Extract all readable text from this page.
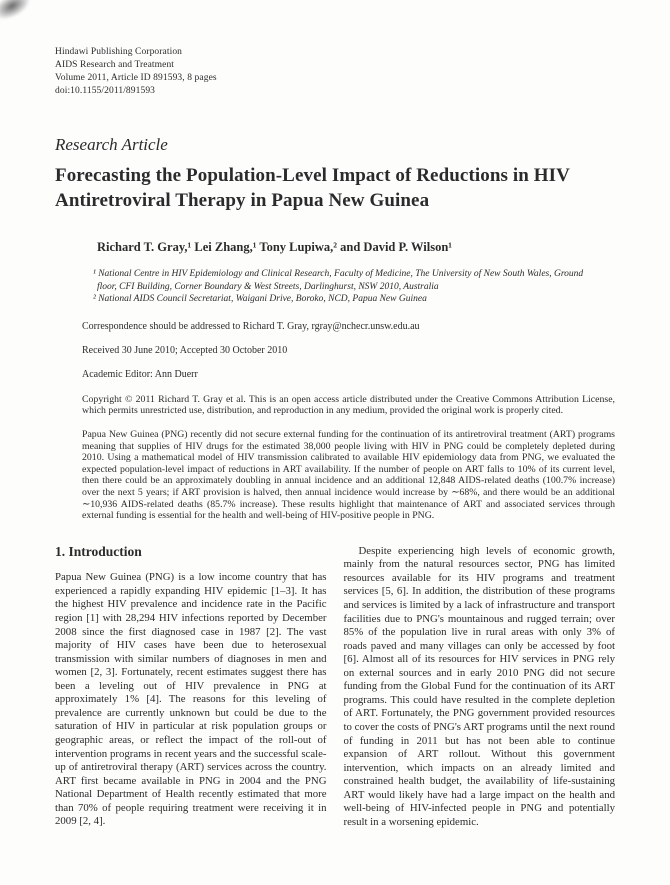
Hindawi Publishing Corporation
AIDS Research and Treatment
Volume 2011, Article ID 891593, 8 pages
doi:10.1155/2011/891593
Research Article
Forecasting the Population-Level Impact of Reductions in HIV Antiretroviral Therapy in Papua New Guinea
Richard T. Gray,¹ Lei Zhang,¹ Tony Lupiwa,² and David P. Wilson¹
¹ National Centre in HIV Epidemiology and Clinical Research, Faculty of Medicine, The University of New South Wales, Ground floor, CFI Building, Corner Boundary & West Streets, Darlinghurst, NSW 2010, Australia
² National AIDS Council Secretariat, Waigani Drive, Boroko, NCD, Papua New Guinea
Correspondence should be addressed to Richard T. Gray, rgray@nchecr.unsw.edu.au
Received 30 June 2010; Accepted 30 October 2010
Academic Editor: Ann Duerr
Copyright © 2011 Richard T. Gray et al. This is an open access article distributed under the Creative Commons Attribution License, which permits unrestricted use, distribution, and reproduction in any medium, provided the original work is properly cited.
Papua New Guinea (PNG) recently did not secure external funding for the continuation of its antiretroviral treatment (ART) programs meaning that supplies of HIV drugs for the estimated 38,000 people living with HIV in PNG could be completely depleted during 2010. Using a mathematical model of HIV transmission calibrated to available HIV epidemiology data from PNG, we evaluated the expected population-level impact of reductions in ART availability. If the number of people on ART falls to 10% of its current level, then there could be an approximately doubling in annual incidence and an additional 12,848 AIDS-related deaths (100.7% increase) over the next 5 years; if ART provision is halved, then annual incidence would increase by ∼68%, and there would be an additional ∼10,936 AIDS-related deaths (85.7% increase). These results highlight that maintenance of ART and associated services through external funding is essential for the health and well-being of HIV-positive people in PNG.
1. Introduction

Papua New Guinea (PNG) is a low income country that has experienced a rapidly expanding HIV epidemic [1–3]. It has the highest HIV prevalence and incidence rate in the Pacific region [1] with 28,294 HIV infections reported by December 2008 since the first diagnosed case in 1987 [2]. The vast majority of HIV cases have been due to heterosexual transmission with similar numbers of diagnoses in men and women [2, 3]. Fortunately, recent estimates suggest there has been a leveling out of HIV prevalence in PNG at approximately 1% [4]. The reasons for this leveling of prevalence are currently unknown but could be due to the saturation of HIV in particular at risk population groups or geographic areas, or reflect the impact of the roll-out of intervention programs in recent years and the successful scale-up of antiretroviral therapy (ART) services across the country. ART first became available in PNG in 2004 and the PNG National Department of Health recently estimated that more than 70% of people requiring treatment were receiving it in 2009 [2, 4].

Despite experiencing high levels of economic growth, mainly from the natural resources sector, PNG has limited resources available for its HIV programs and treatment services [5, 6]. In addition, the distribution of these programs and services is limited by a lack of infrastructure and transport facilities due to PNG's mountainous and rugged terrain; over 85% of the population live in rural areas with only 3% of roads paved and many villages can only be accessed by foot [6]. Almost all of its resources for HIV services in PNG rely on external sources and in early 2010 PNG did not secure funding from the Global Fund for the continuation of its ART programs. This could have resulted in the complete depletion of ART. Fortunately, the PNG government provided resources to cover the costs of PNG's ART programs until the next round of funding in 2011 but has not been able to continue expansion of ART rollout. Without this government intervention, which impacts on an already limited and constrained health budget, the availability of life-sustaining ART would likely have had a large impact on the health and well-being of HIV-infected people in PNG and potentially result in a worsening epidemic.
